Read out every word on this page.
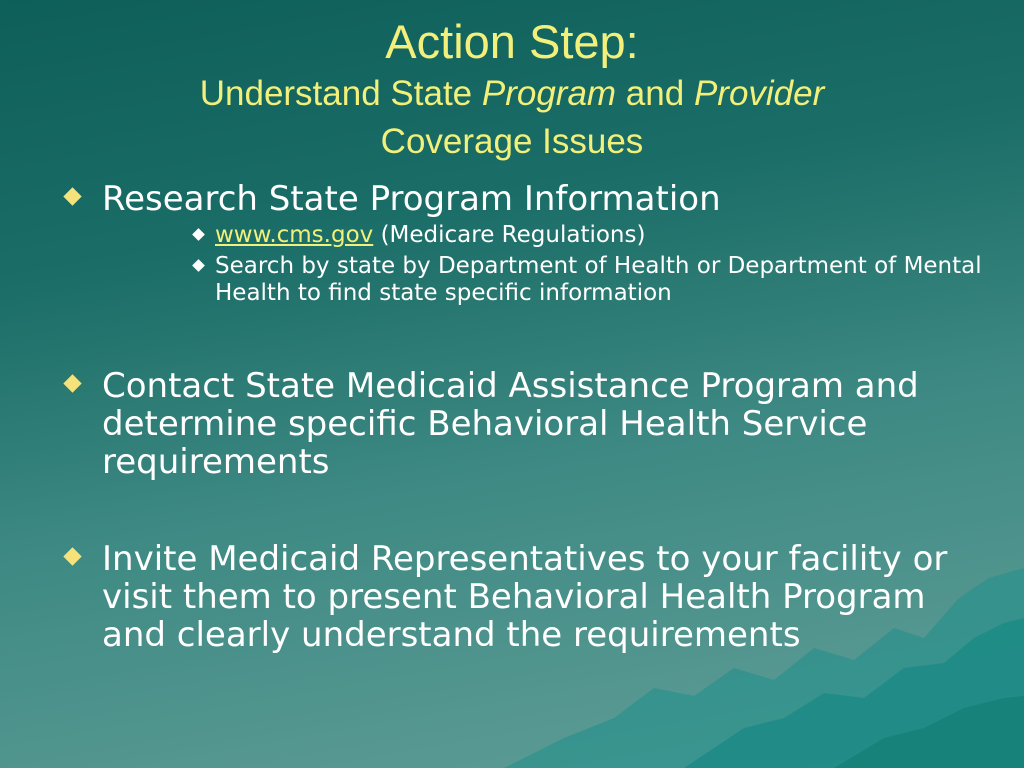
Action Step:
Understand State Program and Provider
Coverage Issues
Research State Program Information
www.cms.gov (Medicare Regulations)
Search by state by Department of Health or Department of Mental Health to find state specific information
Contact State Medicaid Assistance Program and determine specific Behavioral Health Service requirements
Invite Medicaid Representatives to your facility or visit them to present Behavioral Health Program and clearly understand the requirements
